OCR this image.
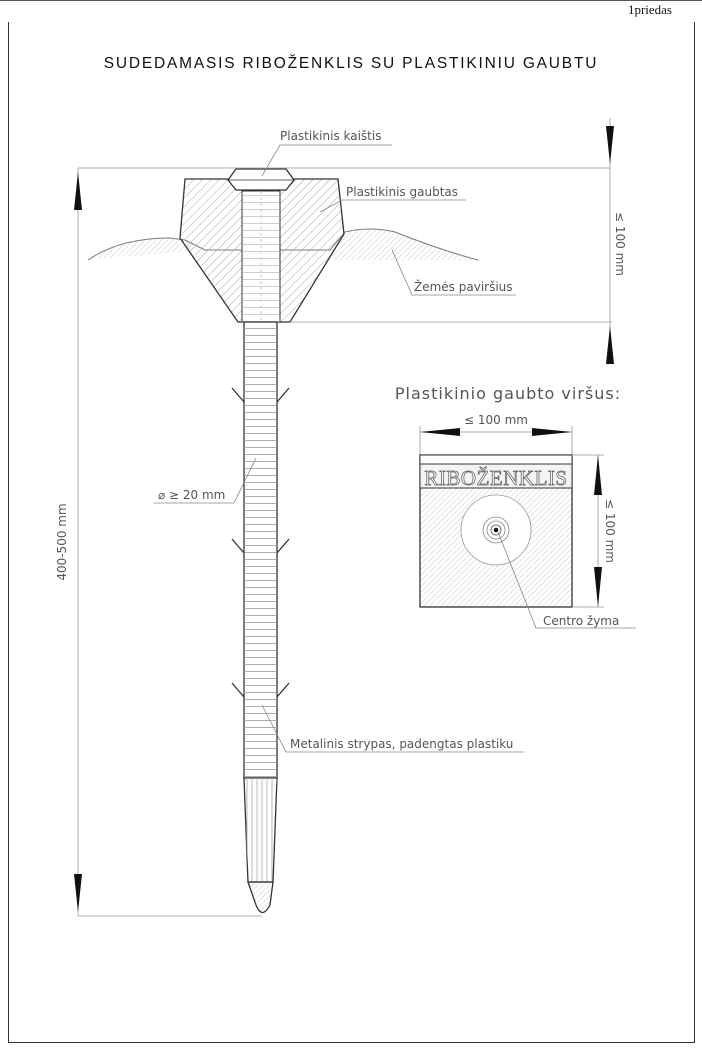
1priedas
SUDEDAMASIS RIBOŽENKLIS SU PLASTIKINIU GAUBTU
Plastikinis kaištis
Plastikinis gaubtas
Žemės paviršius
⌀ ≥ 20 mm
Metalinis strypas, padengtas plastiku
400-500 mm
≤ 100 mm
Plastikinio gaubto viršus:
≤ 100 mm
RIBOŽENKLIS
≤ 100 mm
Centro žyma
